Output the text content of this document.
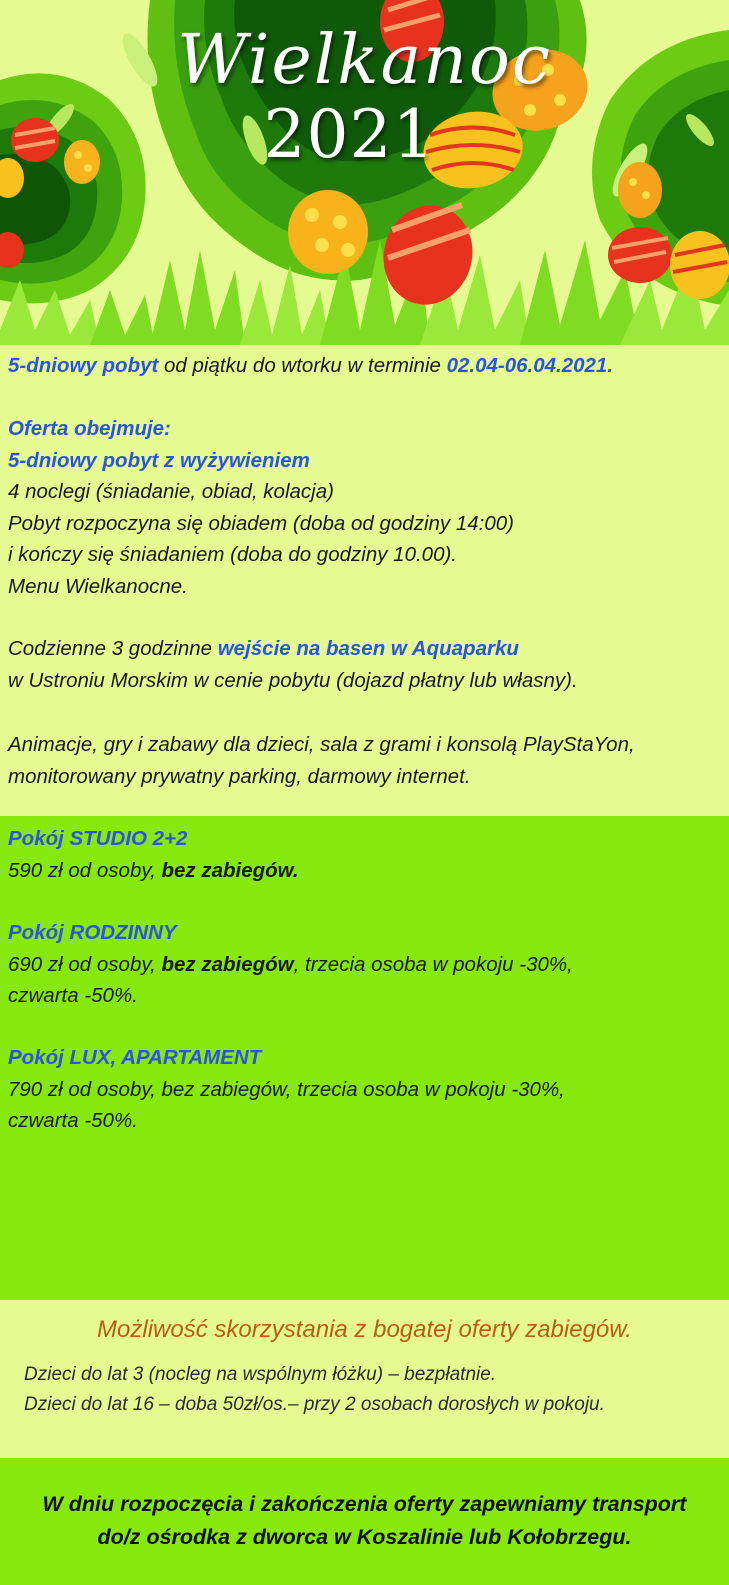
Wielkanoc
2021
5-dniowy pobyt od piątku do wtorku w terminie 02.04-06.04.2021.
Oferta obejmuje:
5-dniowy pobyt z wyżywieniem
4 noclegi (śniadanie, obiad, kolacja)
Pobyt rozpoczyna się obiadem (doba od godziny 14:00)
i kończy się śniadaniem (doba do godziny 10.00).
Menu Wielkanocne.
Codzienne 3 godzinne wejście na basen w Aquaparku
w Ustroniu Morskim w cenie pobytu (dojazd płatny lub własny).
Animacje, gry i zabawy dla dzieci, sala z grami i konsolą PlayStaYon,
monitorowany prywatny parking, darmowy internet.
Pokój STUDIO 2+2
590 zł od osoby, bez zabiegów.
Pokój RODZINNY
690 zł od osoby, bez zabiegów, trzecia osoba w pokoju -30%,
czwarta -50%.
Pokój LUX, APARTAMENT
790 zł od osoby, bez zabiegów, trzecia osoba w pokoju -30%,
czwarta -50%.
Możliwość skorzystania z bogatej oferty zabiegów.
Dzieci do lat 3 (nocleg na wspólnym łóżku) – bezpłatnie.
Dzieci do lat 16 – doba 50zł/os.– przy 2 osobach dorosłych w pokoju.
W dniu rozpoczęcia i zakończenia oferty zapewniamy transport
do/z ośrodka z dworca w Koszalinie lub Kołobrzegu.
